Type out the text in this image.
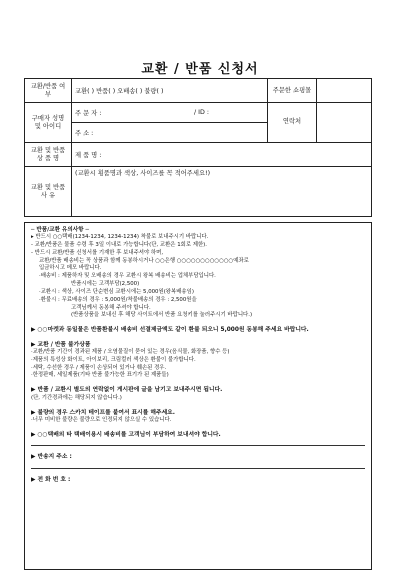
교환 / 반품 신청서
교환/반품 여부	교환( ) 반품( ) 오배송( ) 불량( )		주문한 쇼핑몰	
구매자 성명 및 아이디	주 문 자 :	/ ID :	연락처	
	주 소 :			
교환 및 반품 상 품 명	제 품 명 :			
교환 및 반품 사 유	(교환시 횡품명과 색상, 사이즈를 꼭 적어주세요!)			

─ 반품/교환 유의사항 ─

▸ 반드시 ○○택배(1234-1234, 1234-1234) 착불로 보내주시기 바랍니다.

- 교환/반품은 물품 수령 후 3일 이내로 가능합니다(단, 교환은 1회로 제한).

- 반드시 교환/반품 신청서를 기재한 후 보내주셔야 하며,

교환/반품 배송비는 꼭 상품과 함께 동봉하시거나 ○○은행 ○○○○○○○○○○○○예좌로

입금하시고 메모 바랍니다.

·배송비 : 제품하자 및 오배송의 경우 교환시 왕복 배송비는 업체부담입니다.

반품시에는 고객부담(2,500)

·교환시 : 색상, 사이즈 단순변심 교환시에는 5,000원(왕복배송임)

·환불시 : 무료배송의 경우 : 5,000원/착불배송의 경우 : 2,500원을

고객님께서 동봉해 주셔야 합니다.

(반품상품을 보내신 후 해당 사이트에서 반품 요청키를 눌러주시기 바랍니다.)

▶ ○○마켓과 동일물은 반품환불시 배송비 선결제금액도 같이 환불 되오니 5,000원 동봉해 주세요 바랍니다.

▶ 교환 / 반품 불가상품

·교환/반품 기간이 경과된 제품 / 오염물질이 묻어 있는 경우(음식물, 화장품, 향수 등)

·제품의 특성상 화이트, 아이보리, 크림컬러 색상은 환불이 불가합니다.

·세탁, 수선한 경우 / 제품이 손상되어 있거나 훼손된 경우.

·한정판매, 세일제품(기타 반품 불가능한 표기가 된 제품들)

▶ 반품 / 교환시 별도의 연락없이 게시판에 글을 남기고 보내주시면 됩니다.

(단, 기간경과에는 해당되지 않습니다.)

▶ 불량의 경우 스카치 테이프를 붙여서 표시를 해주세요.

·너무 미비한 불량은 불량으로 인정되지 않으실 수 있습니다.

▶ ○○택배외 타 택배이용시 배송비를 고객님이 부담하여 보내셔야 합니다.

▶ 반송지 주소 :
▶ 전 화 번 호 :
